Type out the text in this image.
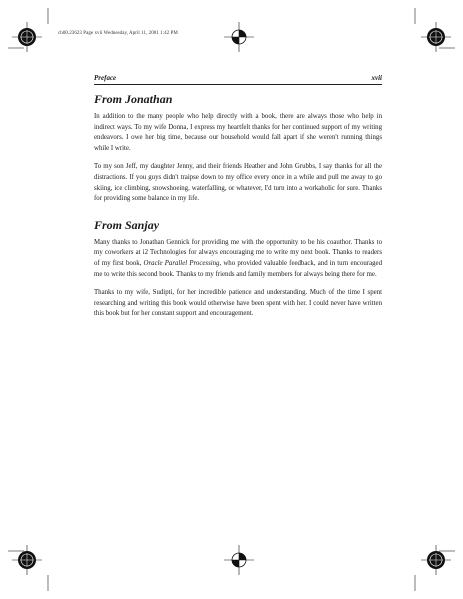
ch00.23623 Page xvii Wednesday, April 11, 2001 1:42 PM
Preface	xvii
From Jonathan

In addition to the many people who help directly with a book, there are always those who help in indirect ways. To my wife Donna, I express my heartfelt thanks for her continued support of my writing endeavors. I owe her big time, because our household would fall apart if she weren't running things while I write.

To my son Jeff, my daughter Jenny, and their friends Heather and John Grubbs, I say thanks for all the distractions. If you guys didn't traipse down to my office every once in a while and pull me away to go skiing, ice climbing, snowshoeing, waterfalling, or whatever, I'd turn into a workaholic for sure. Thanks for providing some balance in my life.

From Sanjay

Many thanks to Jonathan Gennick for providing me with the opportunity to be his coauthor. Thanks to my coworkers at i2 Technologies for always encouraging me to write my next book. Thanks to readers of my first book, Oracle Parallel Processing, who provided valuable feedback, and in turn encouraged me to write this second book. Thanks to my friends and family members for always being there for me.

Thanks to my wife, Sudipti, for her incredible patience and understanding. Much of the time I spent researching and writing this book would otherwise have been spent with her. I could never have written this book but for her constant support and encouragement.
